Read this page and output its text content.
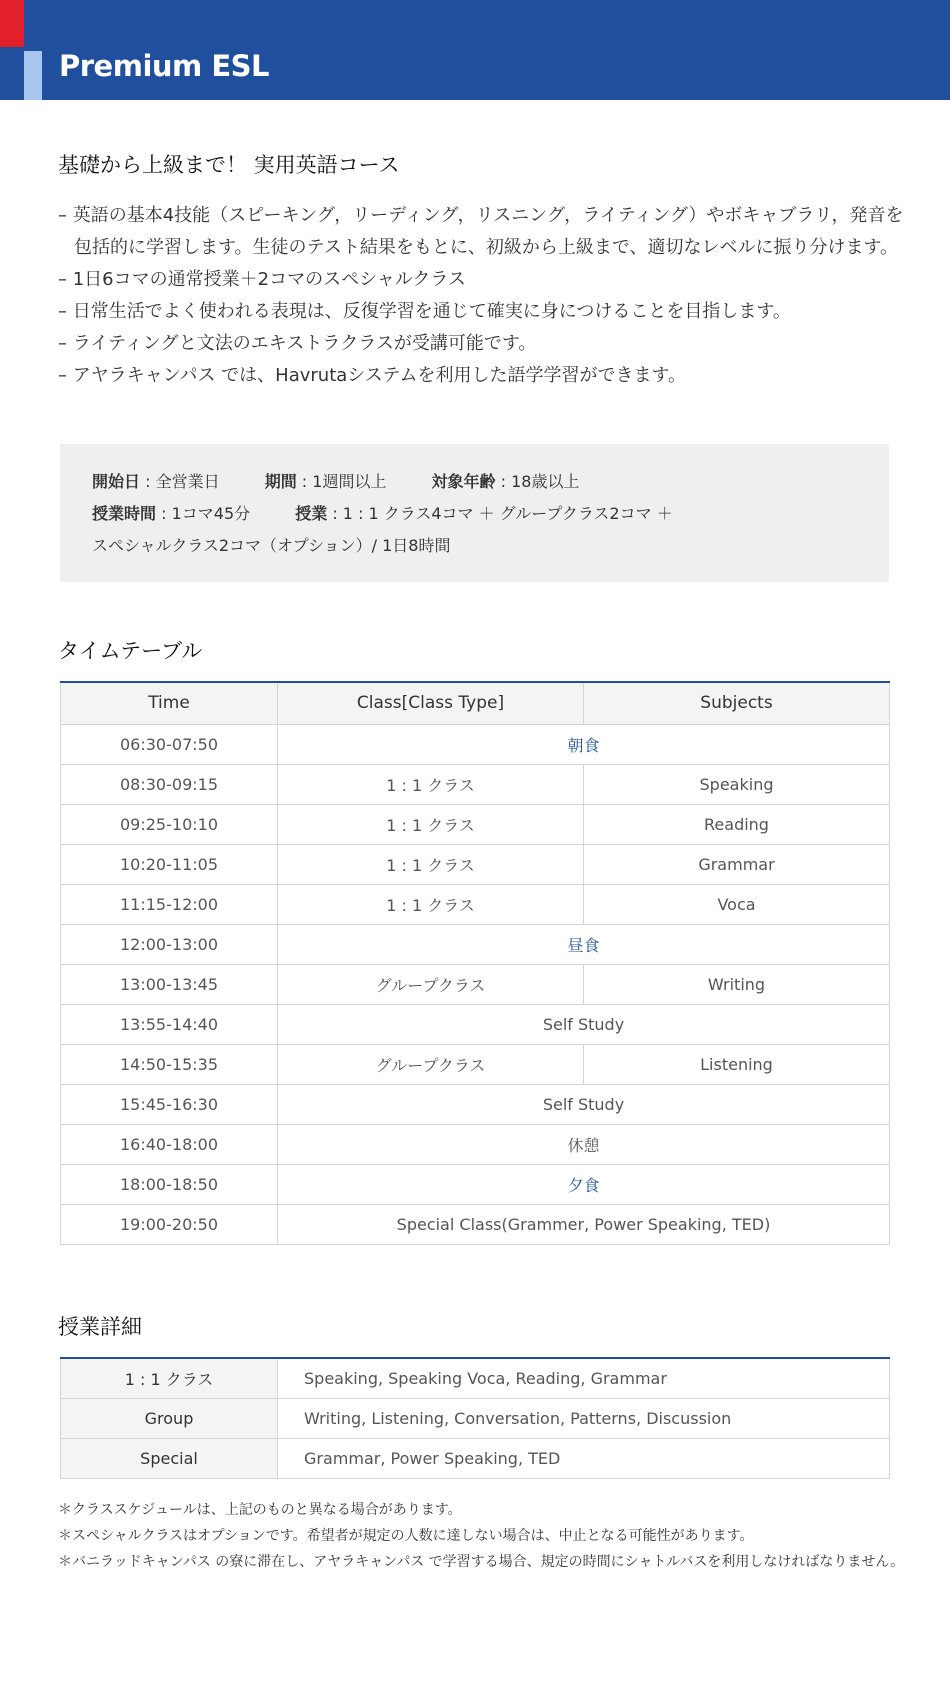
Premium ESL
基礎から上級まで！ 実用英語コース
– 英語の基本4技能（スピーキング，リーディング，リスニング，ライティング）やボキャブラリ，発音を包括的に学習します。生徒のテスト結果をもとに、初級から上級まで、適切なレベルに振り分けます。
– 1日6コマの通常授業＋2コマのスペシャルクラス
– 日常生活でよく使われる表現は、反復学習を通じて確実に身につけることを目指します。
– ライティングと文法のエキストラクラスが受講可能です。
– アヤラキャンパス では、Havrutaシステムを利用した語学学習ができます。
開始日 : 全営業日	期間 : 1週間以上	対象年齢 : 18歳以上
授業時間 : 1コマ45分	授業 : 1 : 1 クラス4コマ ＋ グループクラス2コマ ＋
スペシャルクラス2コマ（オプション）/ 1日8時間
タイムテーブル
Time	Class[Class Type]	Subjects
06:30-07:50	朝食	
08:30-09:15	1 : 1 クラス	Speaking
09:25-10:10	1 : 1 クラス	Reading
10:20-11:05	1 : 1 クラス	Grammar
11:15-12:00	1 : 1 クラス	Voca
12:00-13:00	昼食	
13:00-13:45	グループクラス	Writing
13:55-14:40	Self Study	
14:50-15:35	グループクラス	Listening
15:45-16:30	Self Study	
16:40-18:00	休憩	
18:00-18:50	夕食	
19:00-20:50	Special Class(Grammer, Power Speaking, TED)	
授業詳細
1 : 1 クラス	Speaking, Speaking Voca, Reading, Grammar
Group	Writing, Listening, Conversation, Patterns, Discussion
Special	Grammar, Power Speaking, TED
＊クラススケジュールは、上記のものと異なる場合があります。
＊スペシャルクラスはオプションです。希望者が規定の人数に達しない場合は、中止となる可能性があります。
＊バニラッドキャンパス の寮に滞在し、アヤラキャンパス で学習する場合、規定の時間にシャトルバスを利用しなければなりません。
